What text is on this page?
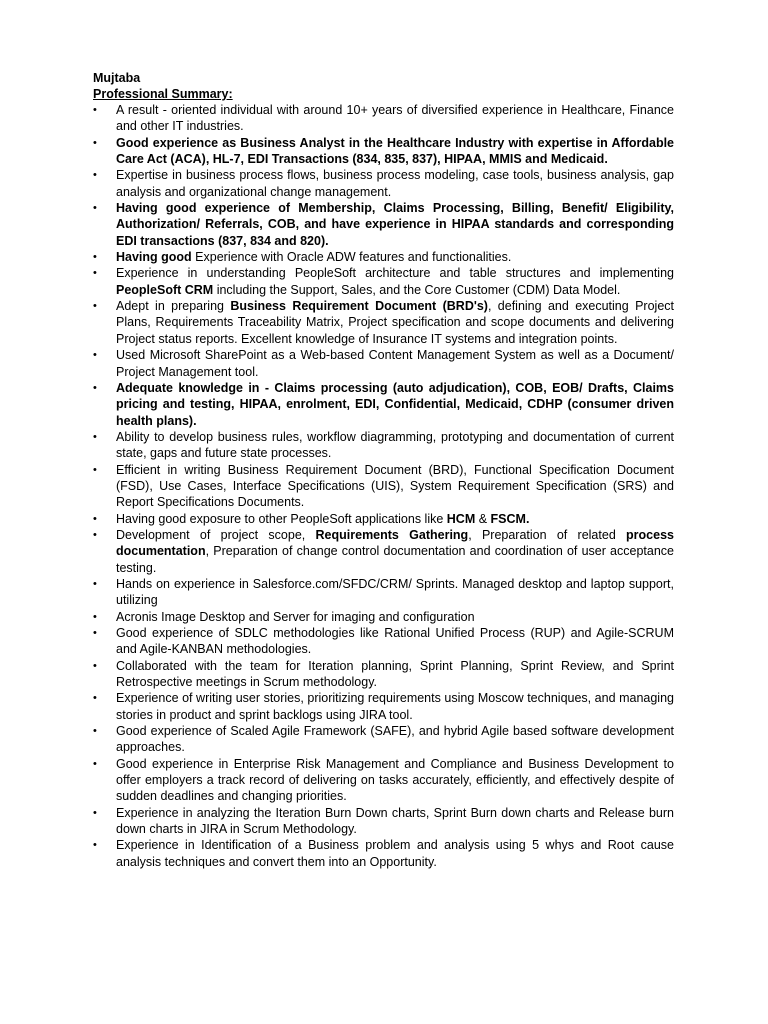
Mujtaba
Professional Summary:
• A result - oriented individual with around 10+ years of diversified experience in Healthcare, Finance and other IT industries.
• Good experience as Business Analyst in the Healthcare Industry with expertise in Affordable Care Act (ACA), HL-7, EDI Transactions (834, 835, 837), HIPAA, MMIS and Medicaid.
• Expertise in business process flows, business process modeling, case tools, business analysis, gap analysis and organizational change management.
• Having good experience of Membership, Claims Processing, Billing, Benefit/ Eligibility, Authorization/ Referrals, COB, and have experience in HIPAA standards and corresponding EDI transactions (837, 834 and 820).
• Having good Experience with Oracle ADW features and functionalities.
• Experience in understanding PeopleSoft architecture and table structures and implementing PeopleSoft CRM including the Support, Sales, and the Core Customer (CDM) Data Model.
• Adept in preparing Business Requirement Document (BRD's), defining and executing Project Plans, Requirements Traceability Matrix, Project specification and scope documents and delivering Project status reports. Excellent knowledge of Insurance IT systems and integration points.
• Used Microsoft SharePoint as a Web-based Content Management System as well as a Document/ Project Management tool.
• Adequate knowledge in - Claims processing (auto adjudication), COB, EOB/ Drafts, Claims pricing and testing, HIPAA, enrolment, EDI, Confidential, Medicaid, CDHP (consumer driven health plans).
• Ability to develop business rules, workflow diagramming, prototyping and documentation of current state, gaps and future state processes.
• Efficient in writing Business Requirement Document (BRD), Functional Specification Document (FSD), Use Cases, Interface Specifications (UIS), System Requirement Specification (SRS) and Report Specifications Documents.
• Having good exposure to other PeopleSoft applications like HCM & FSCM.
• Development of project scope, Requirements Gathering, Preparation of related process documentation, Preparation of change control documentation and coordination of user acceptance testing.
• Hands on experience in Salesforce.com/SFDC/CRM/ Sprints. Managed desktop and laptop support, utilizing
• Acronis Image Desktop and Server for imaging and configuration
• Good experience of SDLC methodologies like Rational Unified Process (RUP) and Agile-SCRUM and Agile-KANBAN methodologies.
• Collaborated with the team for Iteration planning, Sprint Planning, Sprint Review, and Sprint Retrospective meetings in Scrum methodology.
• Experience of writing user stories, prioritizing requirements using Moscow techniques, and managing stories in product and sprint backlogs using JIRA tool.
• Good experience of Scaled Agile Framework (SAFE), and hybrid Agile based software development approaches.
• Good experience in Enterprise Risk Management and Compliance and Business Development to offer employers a track record of delivering on tasks accurately, efficiently, and effectively despite of sudden deadlines and changing priorities.
• Experience in analyzing the Iteration Burn Down charts, Sprint Burn down charts and Release burn down charts in JIRA in Scrum Methodology.
• Experience in Identification of a Business problem and analysis using 5 whys and Root cause analysis techniques and convert them into an Opportunity.
